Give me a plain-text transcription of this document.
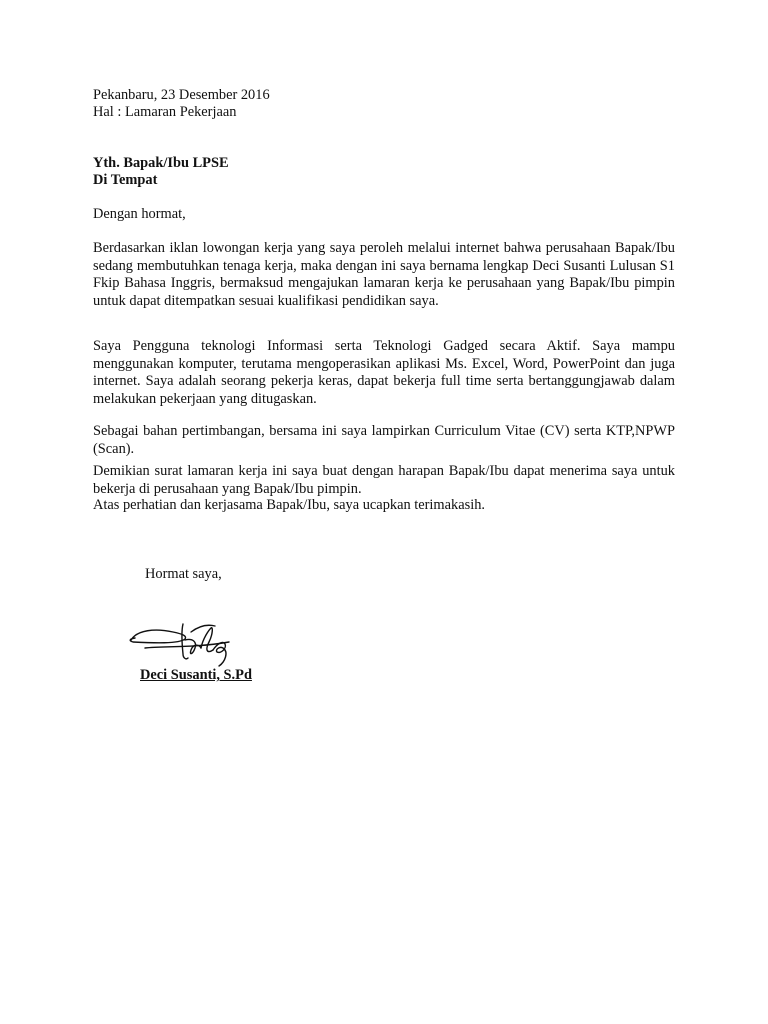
Pekanbaru, 23 Desember 2016
Hal : Lamaran Pekerjaan
Yth. Bapak/Ibu LPSE
Di Tempat
Dengan hormat,

Berdasarkan iklan lowongan kerja yang saya peroleh melalui internet bahwa perusahaan Bapak/Ibu sedang membutuhkan tenaga kerja, maka dengan ini saya bernama lengkap Deci Susanti Lulusan S1 Fkip Bahasa Inggris, bermaksud mengajukan lamaran kerja ke perusahaan yang Bapak/Ibu pimpin untuk dapat ditempatkan sesuai kualifikasi pendidikan saya.

Saya Pengguna teknologi Informasi serta Teknologi Gadged secara Aktif. Saya mampu menggunakan komputer, terutama mengoperasikan aplikasi Ms. Excel, Word, PowerPoint dan juga internet. Saya adalah seorang pekerja keras, dapat bekerja full time serta bertanggungjawab dalam melakukan pekerjaan yang ditugaskan.

Sebagai bahan pertimbangan, bersama ini saya lampirkan Curriculum Vitae (CV) serta KTP,NPWP (Scan).

Demikian surat lamaran kerja ini saya buat dengan harapan Bapak/Ibu dapat menerima saya untuk bekerja di perusahaan yang Bapak/Ibu pimpin.

Atas perhatian dan kerjasama Bapak/Ibu, saya ucapkan terimakasih.

Hormat saya,
Deci Susanti, S.Pd
